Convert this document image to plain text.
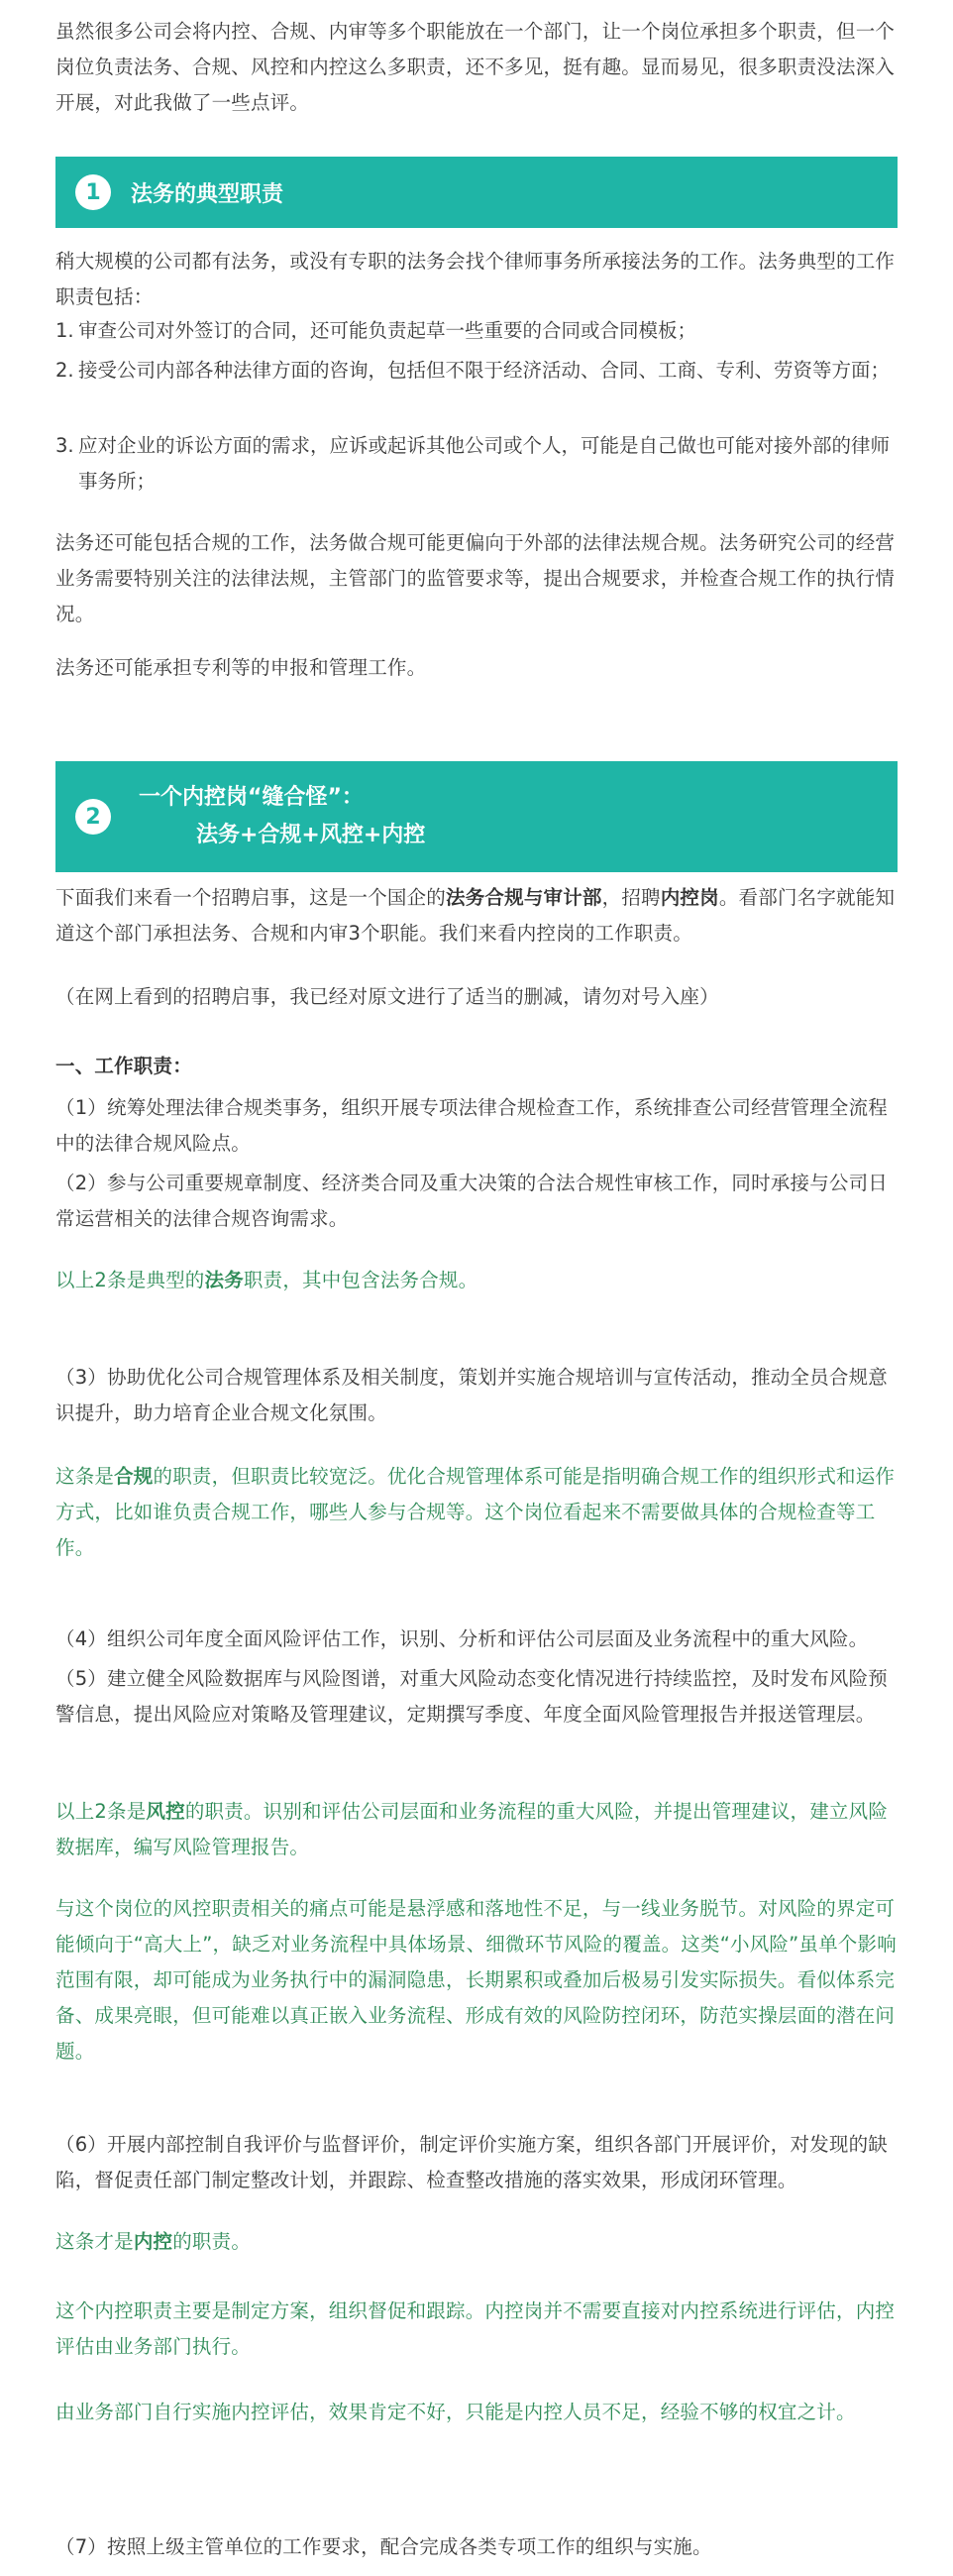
虽然很多公司会将内控、合规、内审等多个职能放在一个部门，让一个岗位承担多个职责，但一个岗位负责法务、合规、风控和内控这么多职责，还不多见，挺有趣。显而易见，很多职责没法深入开展，对此我做了一些点评。

1	法务的典型职责

稍大规模的公司都有法务，或没有专职的法务会找个律师事务所承接法务的工作。法务典型的工作职责包括：

1. 审查公司对外签订的合同，还可能负责起草一些重要的合同或合同模板；
2. 接受公司内部各种法律方面的咨询，包括但不限于经济活动、合同、工商、专利、劳资等方面；
3. 应对企业的诉讼方面的需求，应诉或起诉其他公司或个人，可能是自己做也可能对接外部的律师事务所；

法务还可能包括合规的工作，法务做合规可能更偏向于外部的法律法规合规。法务研究公司的经营业务需要特别关注的法律法规，主管部门的监管要求等，提出合规要求，并检查合规工作的执行情况。

法务还可能承担专利等的申报和管理工作。

2
一个内控岗“缝合怪”：
法务+合规+风控+内控

下面我们来看一个招聘启事，这是一个国企的法务合规与审计部，招聘内控岗。看部门名字就能知道这个部门承担法务、合规和内审3个职能。我们来看内控岗的工作职责。

（在网上看到的招聘启事，我已经对原文进行了适当的删减，请勿对号入座）

一、工作职责：

（1）统筹处理法律合规类事务，组织开展专项法律合规检查工作，系统排查公司经营管理全流程中的法律合规风险点。

（2）参与公司重要规章制度、经济类合同及重大决策的合法合规性审核工作，同时承接与公司日常运营相关的法律合规咨询需求。

以上2条是典型的法务职责，其中包含法务合规。

（3）协助优化公司合规管理体系及相关制度，策划并实施合规培训与宣传活动，推动全员合规意识提升，助力培育企业合规文化氛围。

这条是合规的职责，但职责比较宽泛。优化合规管理体系可能是指明确合规工作的组织形式和运作方式，比如谁负责合规工作，哪些人参与合规等。这个岗位看起来不需要做具体的合规检查等工作。

（4）组织公司年度全面风险评估工作，识别、分析和评估公司层面及业务流程中的重大风险。

（5）建立健全风险数据库与风险图谱，对重大风险动态变化情况进行持续监控，及时发布风险预警信息，提出风险应对策略及管理建议，定期撰写季度、年度全面风险管理报告并报送管理层。

以上2条是风控的职责。识别和评估公司层面和业务流程的重大风险，并提出管理建议，建立风险数据库，编写风险管理报告。

与这个岗位的风控职责相关的痛点可能是悬浮感和落地性不足，与一线业务脱节。对风险的界定可能倾向于“高大上”，缺乏对业务流程中具体场景、细微环节风险的覆盖。这类“小风险”虽单个影响范围有限，却可能成为业务执行中的漏洞隐患，长期累积或叠加后极易引发实际损失。看似体系完备、成果亮眼，但可能难以真正嵌入业务流程、形成有效的风险防控闭环，防范实操层面的潜在问题。

（6）开展内部控制自我评价与监督评价，制定评价实施方案，组织各部门开展评价，对发现的缺陷，督促责任部门制定整改计划，并跟踪、检查整改措施的落实效果，形成闭环管理。

这条才是内控的职责。

这个内控职责主要是制定方案，组织督促和跟踪。内控岗并不需要直接对内控系统进行评估，内控评估由业务部门执行。

由业务部门自行实施内控评估，效果肯定不好，只能是内控人员不足，经验不够的权宜之计。

（7）按照上级主管单位的工作要求，配合完成各类专项工作的组织与实施。
